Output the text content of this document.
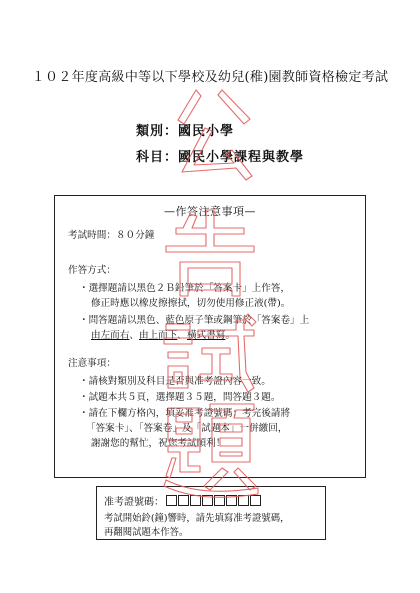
１０２年度高級中等以下學校及幼兒(稚)園教師資格檢定考試
類別：國民小學
科目：國民小學課程與教學
—作答注意事項—
考試時間：８０分鐘
作答方式：
・選擇題請以黑色２Ｂ鉛筆於「答案卡」上作答，
修正時應以橡皮擦擦拭，切勿使用修正液(帶)。
・問答題請以黑色、藍色原子筆或鋼筆於「答案卷」上
由左而右、由上而下、橫式書寫。
注意事項：
・請核對類別及科目是否與准考證內容一致。
・試題本共５頁，選擇題３５題，問答題３題。
・請在下欄方格內，填妥准考證號碼；考完後請將
「答案卡」、「答案卷」及「試題本」一併繳回，
謝謝您的幫忙，祝您考試順利！
准考證號碼：
考試開始鈴(鐘)響時，請先填寫准考證號碼，
再翻閱試題本作答。
